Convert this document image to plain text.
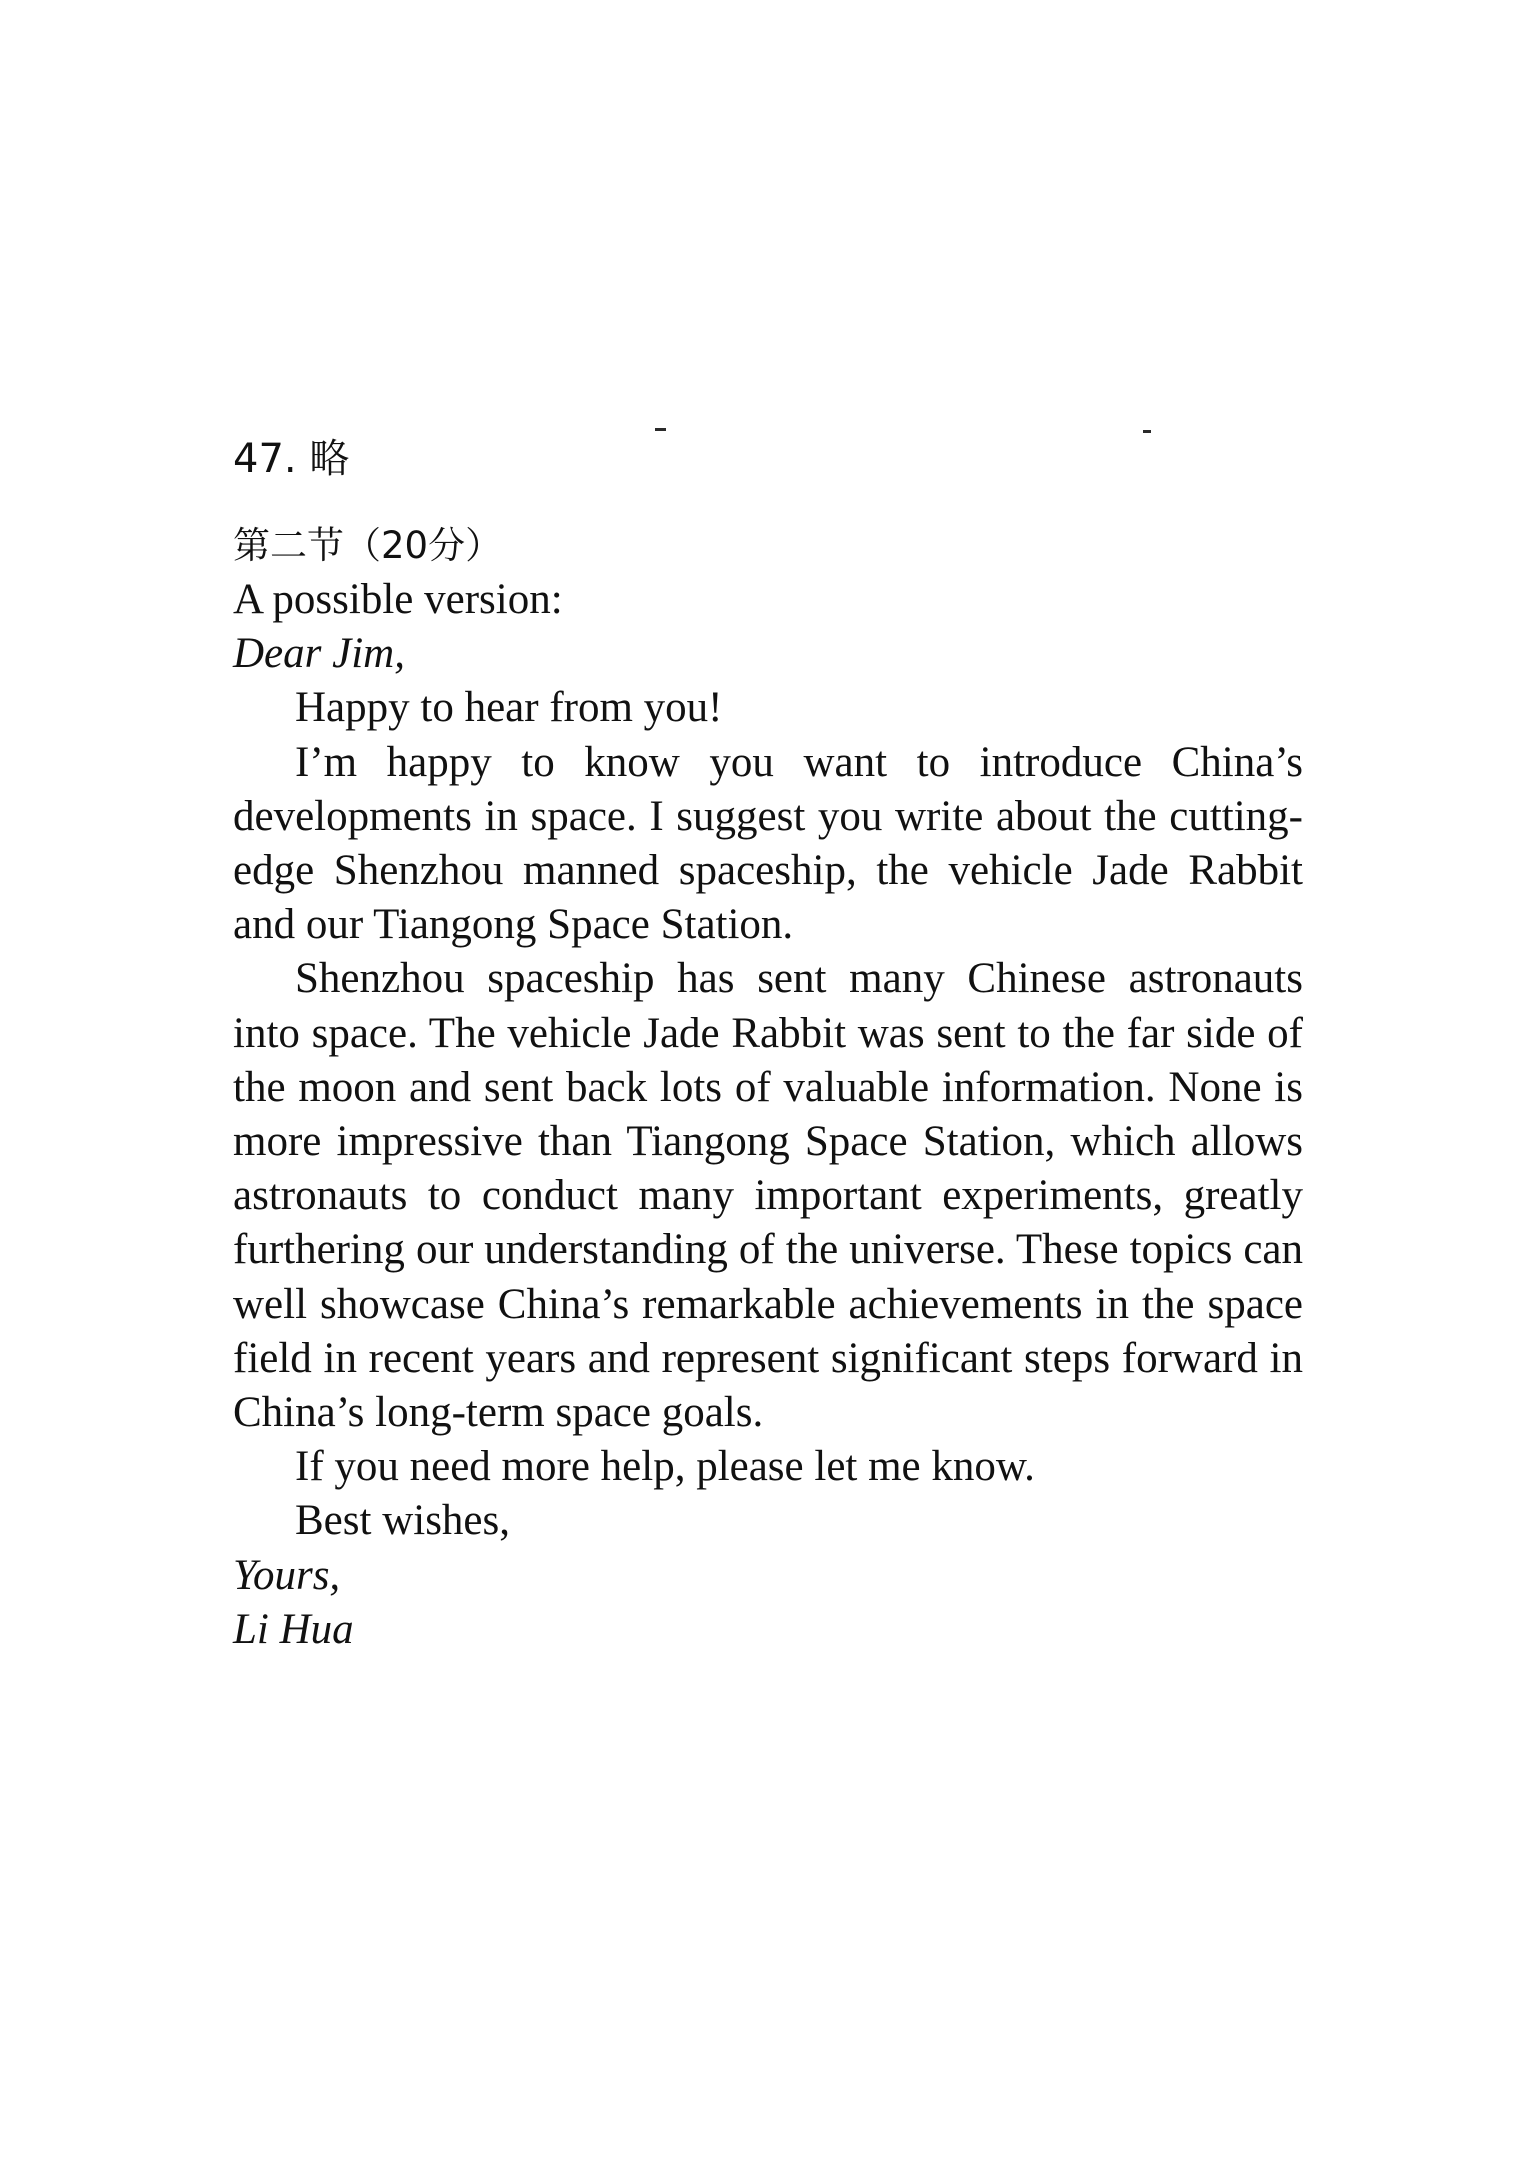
47. 略
第二节（20分）

A possible version:

Dear Jim,

Happy to hear from you!

I’m happy to know you want to introduce China’s developments in space. I suggest you write about the cutting-edge Shenzhou manned spaceship, the vehicle Jade Rabbit and our Tiangong Space Station.

Shenzhou spaceship has sent many Chinese astronauts into space. The vehicle Jade Rabbit was sent to the far side of the moon and sent back lots of valuable information. None is more impressive than Tiangong Space Station, which allows astronauts to conduct many important experiments, greatly furthering our understanding of the universe. These topics can well showcase China’s remarkable achievements in the space field in recent years and represent significant steps forward in China’s long-term space goals.

If you need more help, please let me know.

Best wishes,

Yours,

Li Hua
